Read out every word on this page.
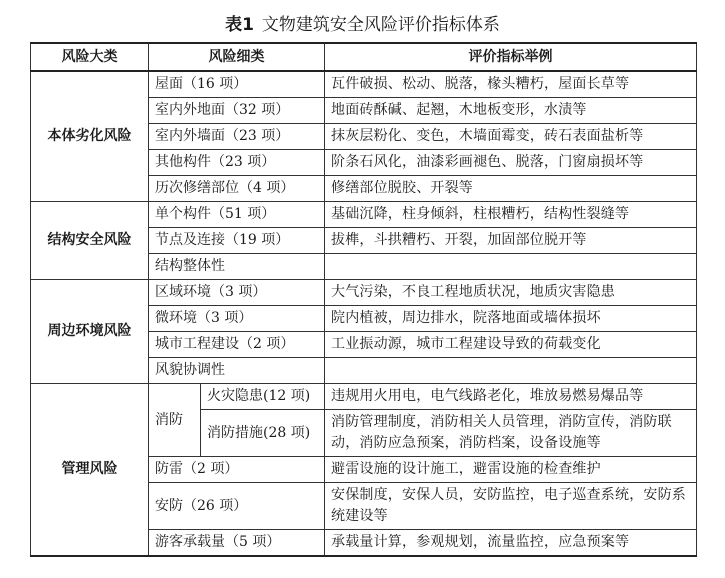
表1 文物建筑安全风险评价指标体系
风险大类	风险细类		评价指标举例
本体劣化风险	屋面（16 项）		瓦件破损、松动、脱落，椽头糟朽，屋面长草等
	室内外地面（32 项）		地面砖酥碱、起翘，木地板变形，水渍等
	室内外墙面（23 项）		抹灰层粉化、变色，木墙面霉变，砖石表面盐析等
	其他构件（23 项）		阶条石风化，油漆彩画褪色、脱落，门窗扇损坏等
	历次修缮部位（4 项）		修缮部位脱胶、开裂等
结构安全风险	单个构件（51 项）		基础沉降，柱身倾斜，柱根糟朽，结构性裂缝等
	节点及连接（19 项）		拔榫，斗拱糟朽、开裂，加固部位脱开等
	结构整体性		
周边环境风险	区域环境（3 项）		大气污染，不良工程地质状况，地质灾害隐患
	微环境（3 项）		院内植被，周边排水，院落地面或墙体损坏
	城市工程建设（2 项）		工业振动源，城市工程建设导致的荷载变化
	风貌协调性		
管理风险	消防	火灾隐患(12 项)	违规用火用电，电气线路老化，堆放易燃易爆品等
		消防措施(28 项)	消防管理制度，消防相关人员管理，消防宣传，消防联动，消防应急预案，消防档案，设备设施等
	防雷（2 项）		避雷设施的设计施工，避雷设施的检查维护
	安防（26 项）		安保制度，安保人员，安防监控，电子巡查系统，安防系统建设等
	游客承载量（5 项）		承载量计算，参观规划，流量监控，应急预案等
